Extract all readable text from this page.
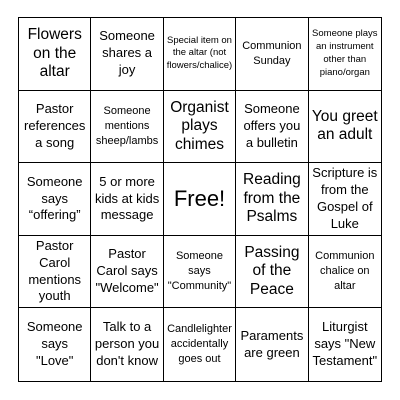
Flowers on the altar
Someone shares a joy
Special item on the altar (not flowers/chalice)
Communion Sunday
Someone plays an instrument other than piano/organ
Pastor references a song
Someone mentions sheep/lambs
Organist plays chimes
Someone offers you a bulletin
You greet an adult
Someone says “offering”
5 or more kids at kids message
Free!
Reading from the Psalms
Scripture is from the Gospel of Luke
Pastor Carol mentions youth
Pastor Carol says "Welcome"
Someone says "Community"
Passing of the Peace
Communion chalice on altar
Someone says "Love"
Talk to a person you don't know
Candlelighter accidentally goes out
Paraments are green
Liturgist says "New Testament"
